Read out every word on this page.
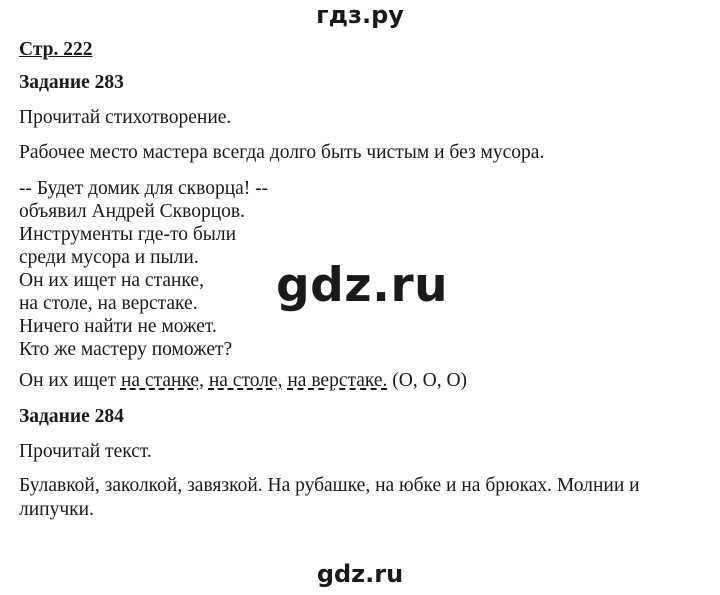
гдз.ру

Стр. 222

Задание 283

Прочитай стихотворение.

Рабочее место мастера всегда долго быть чистым и без мусора.

-- Будет домик для скворца! --
объявил Андрей Скворцов.
Инструменты где-то были
среди мусора и пыли.
Он их ищет на станке,
на столе, на верстаке.
Ничего найти не может.
Кто же мастеру поможет?

Он их ищет на станке, на столе, на верстаке. (О, О, О)

Задание 284

Прочитай текст.

Булавкой, заколкой, завязкой. На рубашке, на юбке и на брюках. Молнии и липучки.

gdz.ru
gdz.ru
